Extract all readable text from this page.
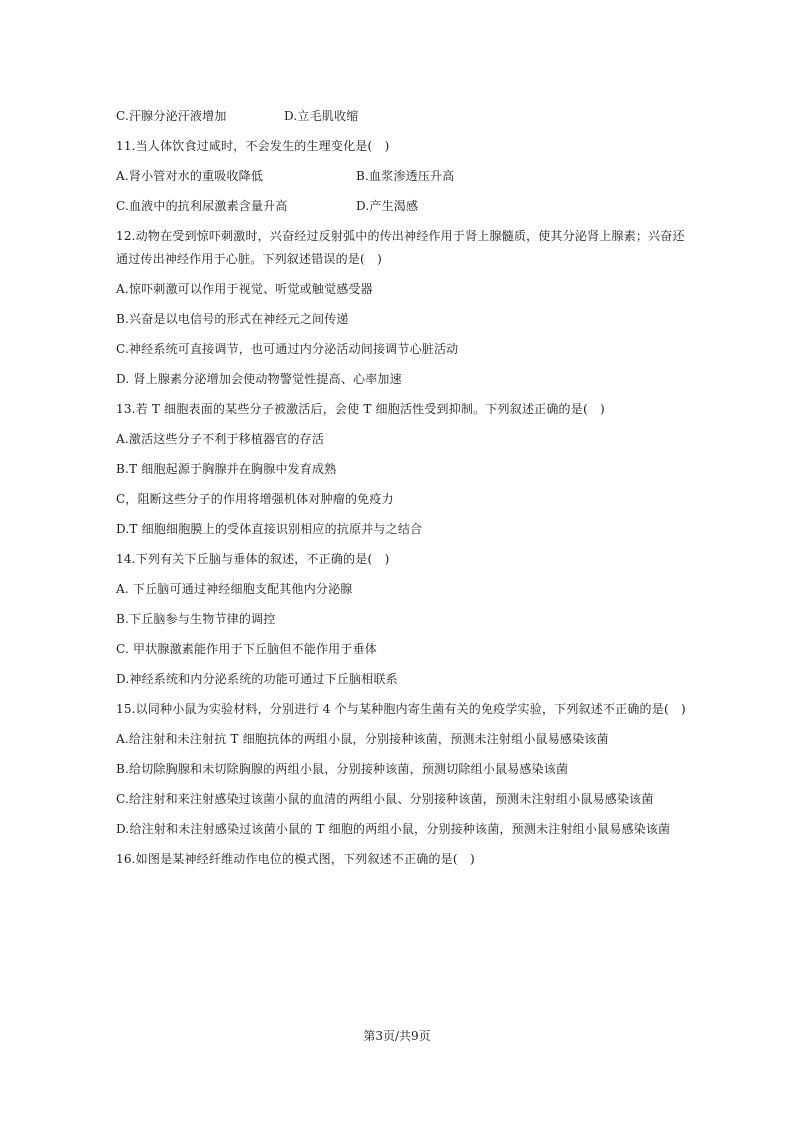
C.汗腺分泌汗液增加	D.立毛肌收缩
11.当人体饮食过咸时，不会发生的生理变化是(　)
A.肾小管对水的重吸收降低	B.血浆渗透压升高
C.血液中的抗利尿激素含量升高	D.产生渴感
12.动物在受到惊吓刺激时，兴奋经过反射弧中的传出神经作用于肾上腺髓质，使其分泌肾上腺素；兴奋还
通过传出神经作用于心脏。下列叙述错误的是(　)
A.惊吓刺激可以作用于视觉、听觉或触觉感受器
B.兴奋是以电信号的形式在神经元之间传递
C.神经系统可直接调节，也可通过内分泌活动间接调节心脏活动
D. 肾上腺素分泌增加会使动物警觉性提高、心率加速
13.若 T 细胞表面的某些分子被激活后，会使 T 细胞活性受到抑制。下列叙述正确的是(　)
A.激活这些分子不利于移植器官的存活
B.T 细胞起源于胸腺并在胸腺中发育成熟
C，阻断这些分子的作用将增强机体对肿瘤的免疫力
D.T 细胞细胞膜上的受体直接识别相应的抗原并与之结合
14.下列有关下丘脑与垂体的叙述，不正确的是(　)
A. 下丘脑可通过神经细胞支配其他内分泌腺
B.下丘脑参与生物节律的调控
C. 甲状腺激素能作用于下丘脑但不能作用于垂体
D.神经系统和内分泌系统的功能可通过下丘脑相联系
15.以同种小鼠为实验材料，分别进行 4 个与某种胞内寄生菌有关的免疫学实验，下列叙述不正确的是(　)
A.给注射和未注射抗 T 细胞抗体的两组小鼠，分别接种该菌，预测未注射组小鼠易感染该菌
B.给切除胸腺和未切除胸腺的两组小鼠，分别接种该菌，预测切除组小鼠易感染该菌
C.给注射和来注射感染过该菌小鼠的血清的两组小鼠、分别接种该菌，预测未注射组小鼠易感染该菌
D.给注射和未注射感染过该菌小鼠的 T 细胞的两组小鼠，分别接种该菌，预测未注射组小鼠易感染该菌
16.如图是某神经纤维动作电位的模式图，下列叙述不正确的是(　)
第3页/共9页
